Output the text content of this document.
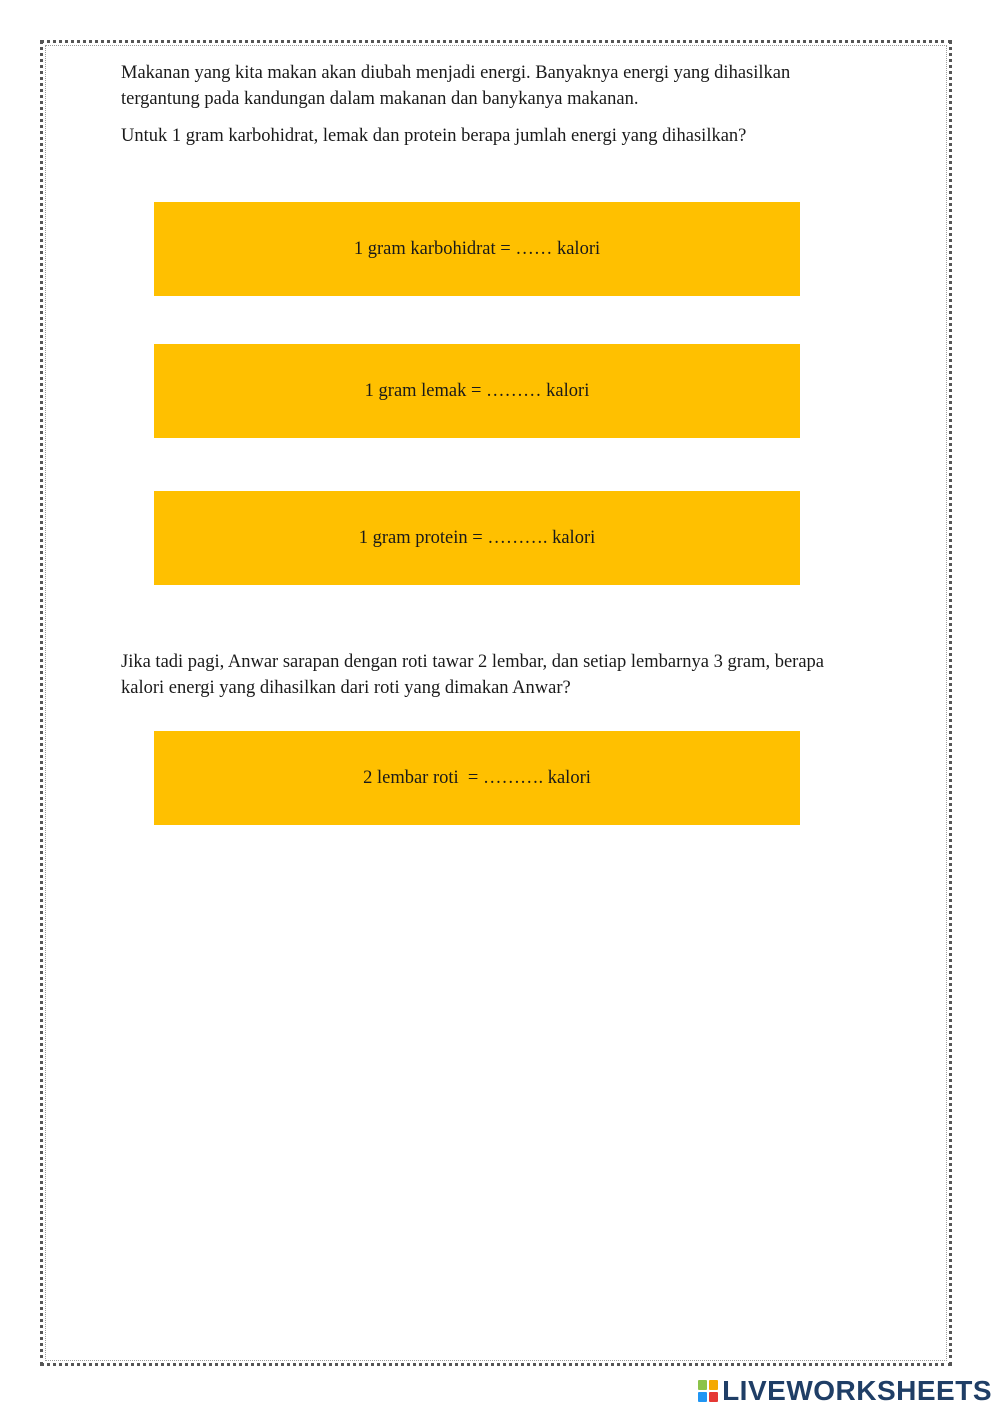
Makanan yang kita makan akan diubah menjadi energi. Banyaknya energi yang dihasilkan tergantung pada kandungan dalam makanan dan banykanya makanan.

Untuk 1 gram karbohidrat, lemak dan protein berapa jumlah energi yang dihasilkan?

1 gram karbohidrat = …… kalori
1 gram lemak = ……… kalori
1 gram protein = ………. kalori

Jika tadi pagi, Anwar sarapan dengan roti tawar 2 lembar, dan setiap lembarnya 3 gram, berapa kalori energi yang dihasilkan dari roti yang dimakan Anwar?

2 lembar roti  = ………. kalori
LIVEWORKSHEETS
